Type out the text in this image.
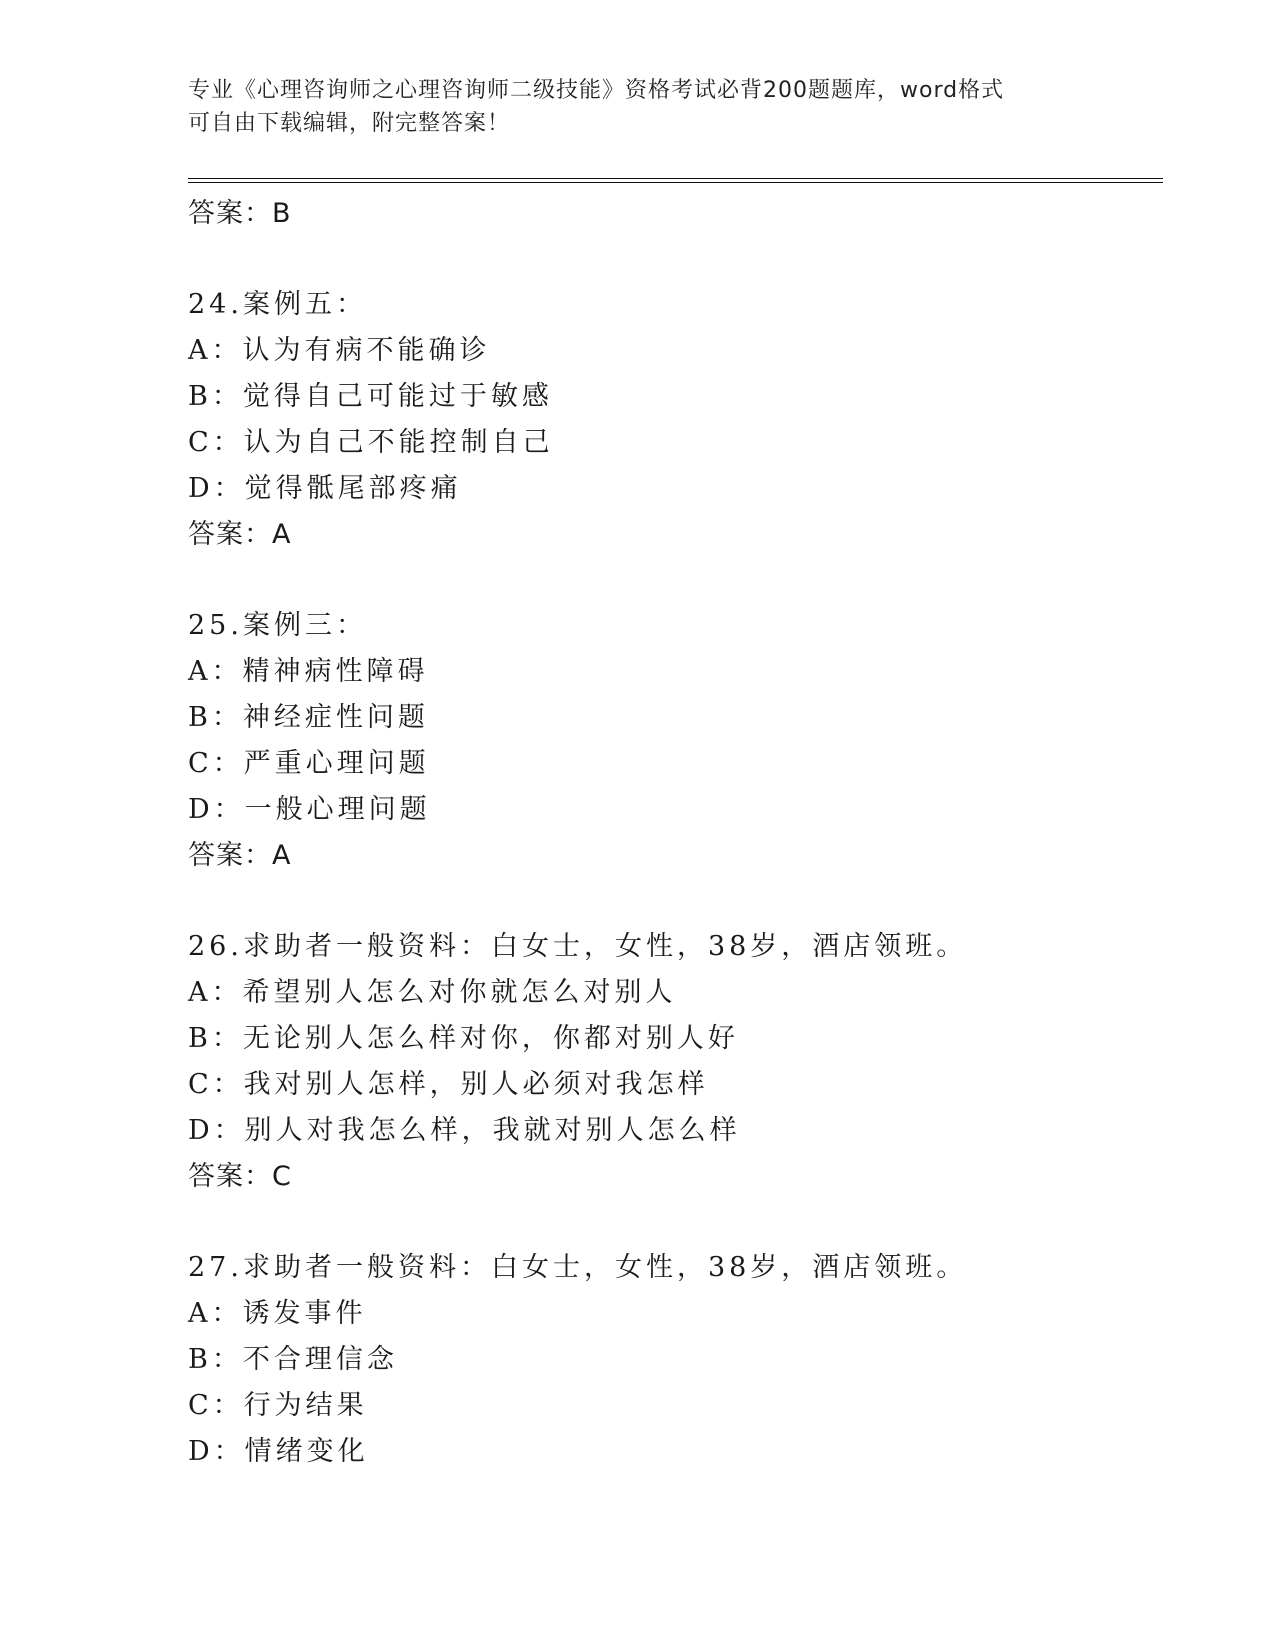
专业《心理咨询师之心理咨询师二级技能》资格考试必背200题题库，word格式
可自由下载编辑，附完整答案！
答案：B
24.案例五：
A：认为有病不能确诊
B：觉得自己可能过于敏感
C：认为自己不能控制自己
D：觉得骶尾部疼痛
答案：A
25.案例三：
A：精神病性障碍
B：神经症性问题
C：严重心理问题
D：一般心理问题
答案：A
26.求助者一般资料：白女士，女性，38岁，酒店领班。
A：希望别人怎么对你就怎么对别人
B：无论别人怎么样对你，你都对别人好
C：我对别人怎样，别人必须对我怎样
D：别人对我怎么样，我就对别人怎么样
答案：C
27.求助者一般资料：白女士，女性，38岁，酒店领班。
A：诱发事件
B：不合理信念
C：行为结果
D：情绪变化
